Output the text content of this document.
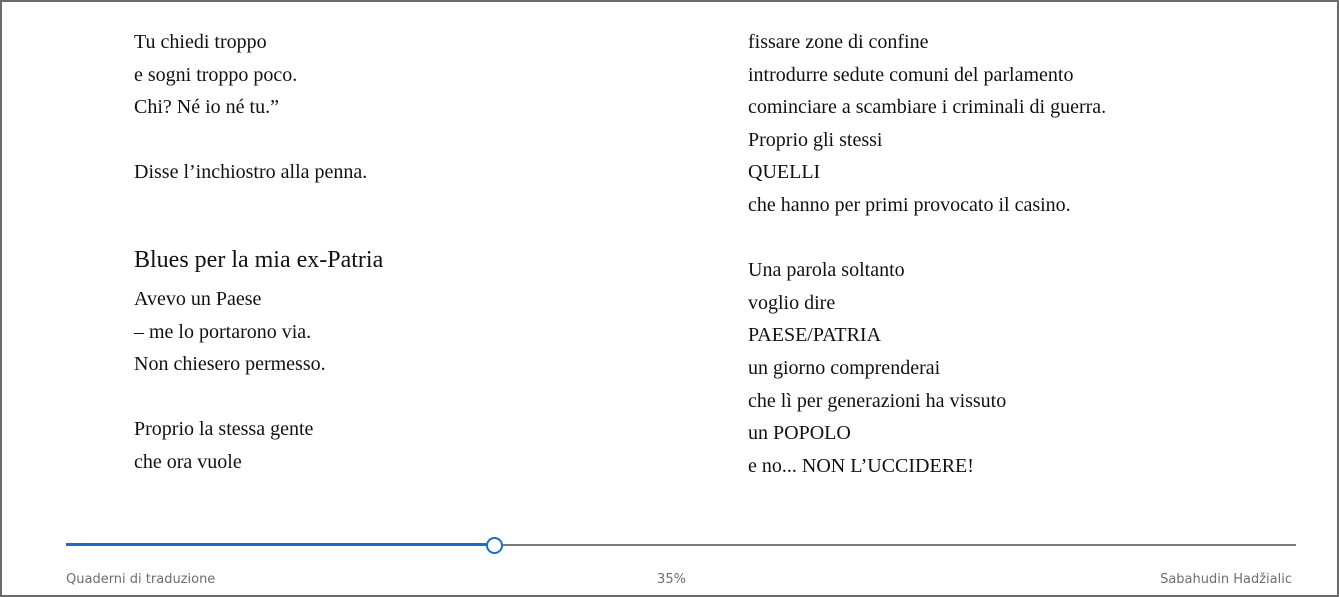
Tu chiedi troppo
e sogni troppo poco.
Chi? Né io né tu.”
Disse l’inchiostro alla penna.
Blues per la mia ex-Patria
Avevo un Paese
– me lo portarono via.
Non chiesero permesso.
Proprio la stessa gente
che ora vuole
fissare zone di confine
introdurre sedute comuni del parlamento
cominciare a scambiare i criminali di guerra.
Proprio gli stessi
QUELLI
che hanno per primi provocato il casino.
Una parola soltanto
voglio dire
PAESE/PATRIA
un giorno comprenderai
che lì per generazioni ha vissuto
un POPOLO
e no... NON L’UCCIDERE!
Quaderni di traduzione	35%	Sabahudin Hadžialic
